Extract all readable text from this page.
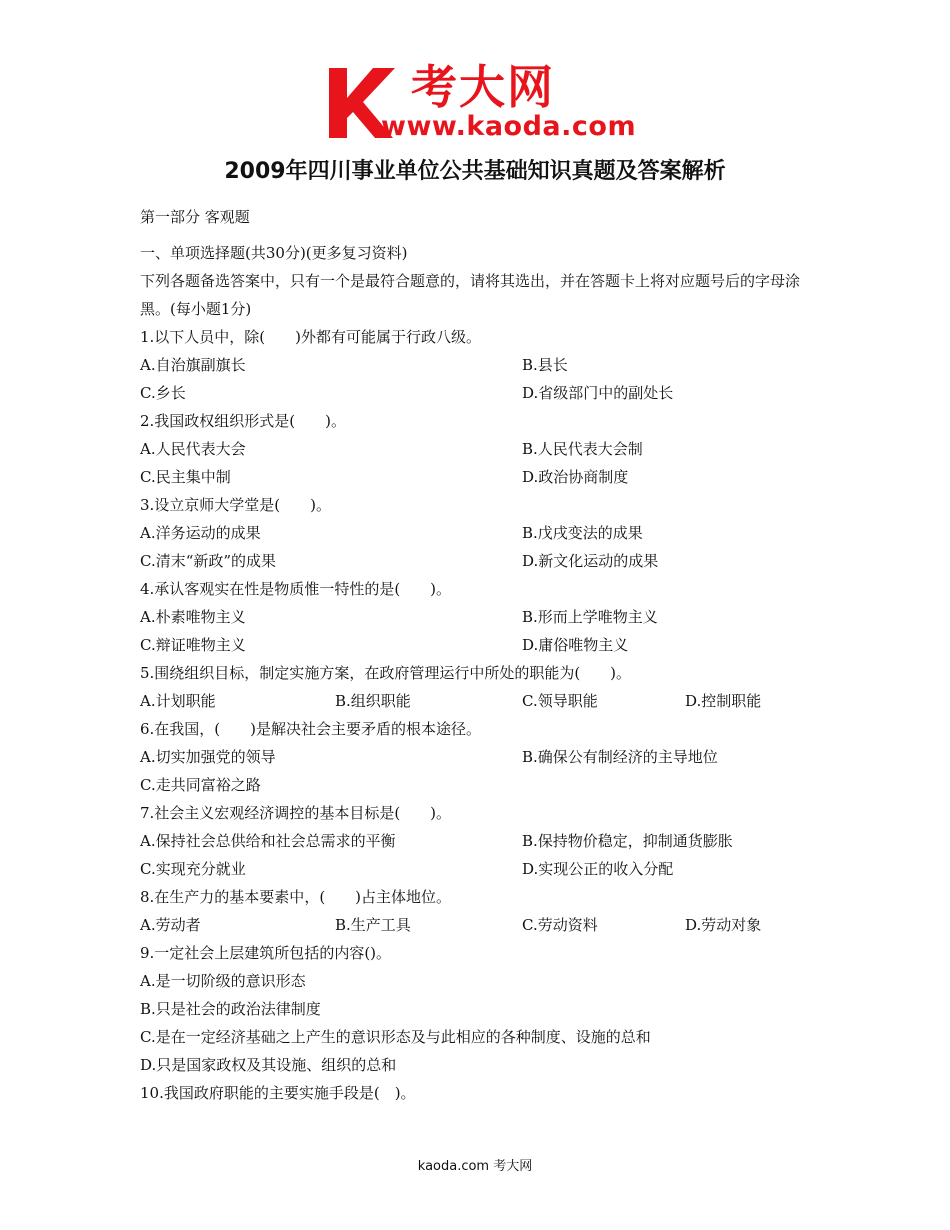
考大网
www.kaoda.com
2009年四川事业单位公共基础知识真题及答案解析
第一部分 客观题
一、单项选择题(共30分)(更多复习资料)
下列各题备选答案中，只有一个是最符合题意的，请将其选出，并在答题卡上将对应题号后的字母涂黑。(每小题1分)
1.以下人员中，除(　　)外都有可能属于行政八级。
A.自治旗副旗长	B.县长
C.乡长	D.省级部门中的副处长
2.我国政权组织形式是(　　)。
A.人民代表大会	B.人民代表大会制
C.民主集中制	D.政治协商制度
3.设立京师大学堂是(　　)。
A.洋务运动的成果	B.戊戌变法的成果
C.清末“新政”的成果	D.新文化运动的成果
4.承认客观实在性是物质惟一特性的是(　　)。
A.朴素唯物主义	B.形而上学唯物主义
C.辩证唯物主义	D.庸俗唯物主义
5.围绕组织目标，制定实施方案，在政府管理运行中所处的职能为(　　)。
A.计划职能	B.组织职能	C.领导职能	D.控制职能
6.在我国，(　　)是解决社会主要矛盾的根本途径。
A.切实加强党的领导	B.确保公有制经济的主导地位
C.走共同富裕之路
7.社会主义宏观经济调控的基本目标是(　　)。
A.保持社会总供给和社会总需求的平衡	B.保持物价稳定，抑制通货膨胀
C.实现充分就业	D.实现公正的收入分配
8.在生产力的基本要素中，(　　)占主体地位。
A.劳动者	B.生产工具	C.劳动资料	D.劳动对象
9.一定社会上层建筑所包括的内容()。
A.是一切阶级的意识形态
B.只是社会的政治法律制度
C.是在一定经济基础之上产生的意识形态及与此相应的各种制度、设施的总和
D.只是国家政权及其设施、组织的总和
10.我国政府职能的主要实施手段是(　)。
kaoda.com 考大网
